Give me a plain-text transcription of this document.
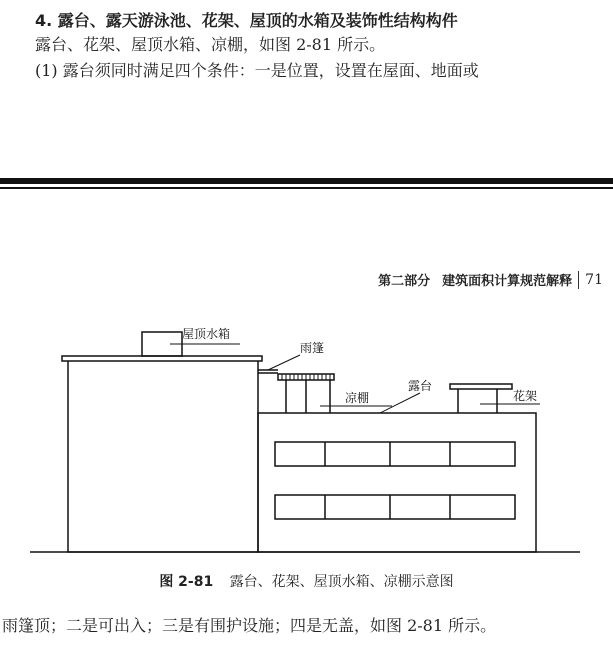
4. 露台、露天游泳池、花架、屋顶的水箱及装饰性结构构件

露台、花架、屋顶水箱、凉棚，如图 2-81 所示。

(1) 露台须同时满足四个条件：一是位置，设置在屋面、地面或

第二部分 建筑面积计算规范解释 71
屋顶水箱
雨篷
凉棚
露台
花架
图 2-81 露台、花架、屋顶水箱、凉棚示意图

雨篷顶；二是可出入；三是有围护设施；四是无盖，如图 2-81 所示。
